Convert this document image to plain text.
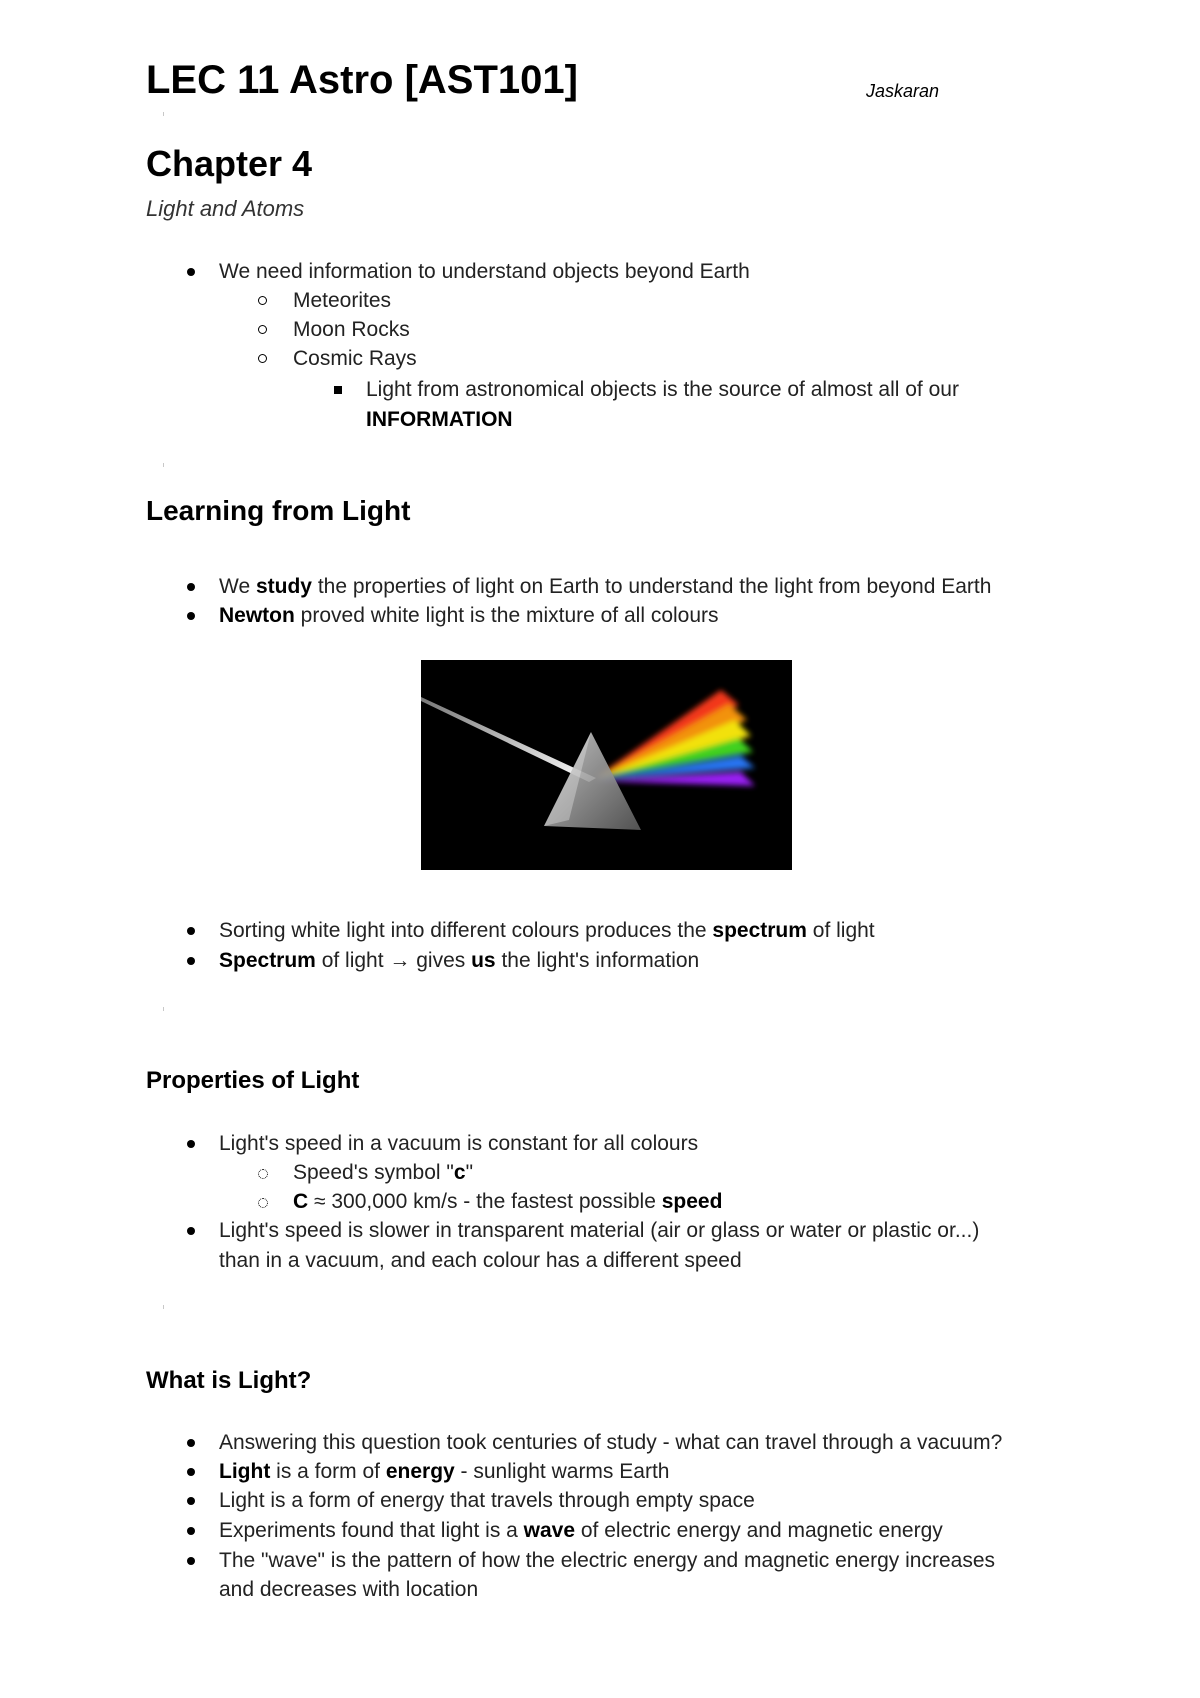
LEC 11 Astro [AST101]	Jaskaran
Chapter 4
Light and Atoms
We need information to understand objects beyond Earth
Meteorites
Moon Rocks
Cosmic Rays
Light from astronomical objects is the source of almost all of our
INFORMATION
Learning from Light
We study the properties of light on Earth to understand the light from beyond Earth
Newton proved white light is the mixture of all colours
Sorting white light into different colours produces the spectrum of light
Spectrum of light → gives us the light's information
Properties of Light
Light's speed in a vacuum is constant for all colours
Speed's symbol "c"
C ≈ 300,000 km/s - the fastest possible speed
Light's speed is slower in transparent material (air or glass or water or plastic or...)
than in a vacuum, and each colour has a different speed
What is Light?
Answering this question took centuries of study - what can travel through a vacuum?
Light is a form of energy - sunlight warms Earth
Light is a form of energy that travels through empty space
Experiments found that light is a wave of electric energy and magnetic energy
The "wave" is the pattern of how the electric energy and magnetic energy increases
and decreases with location
